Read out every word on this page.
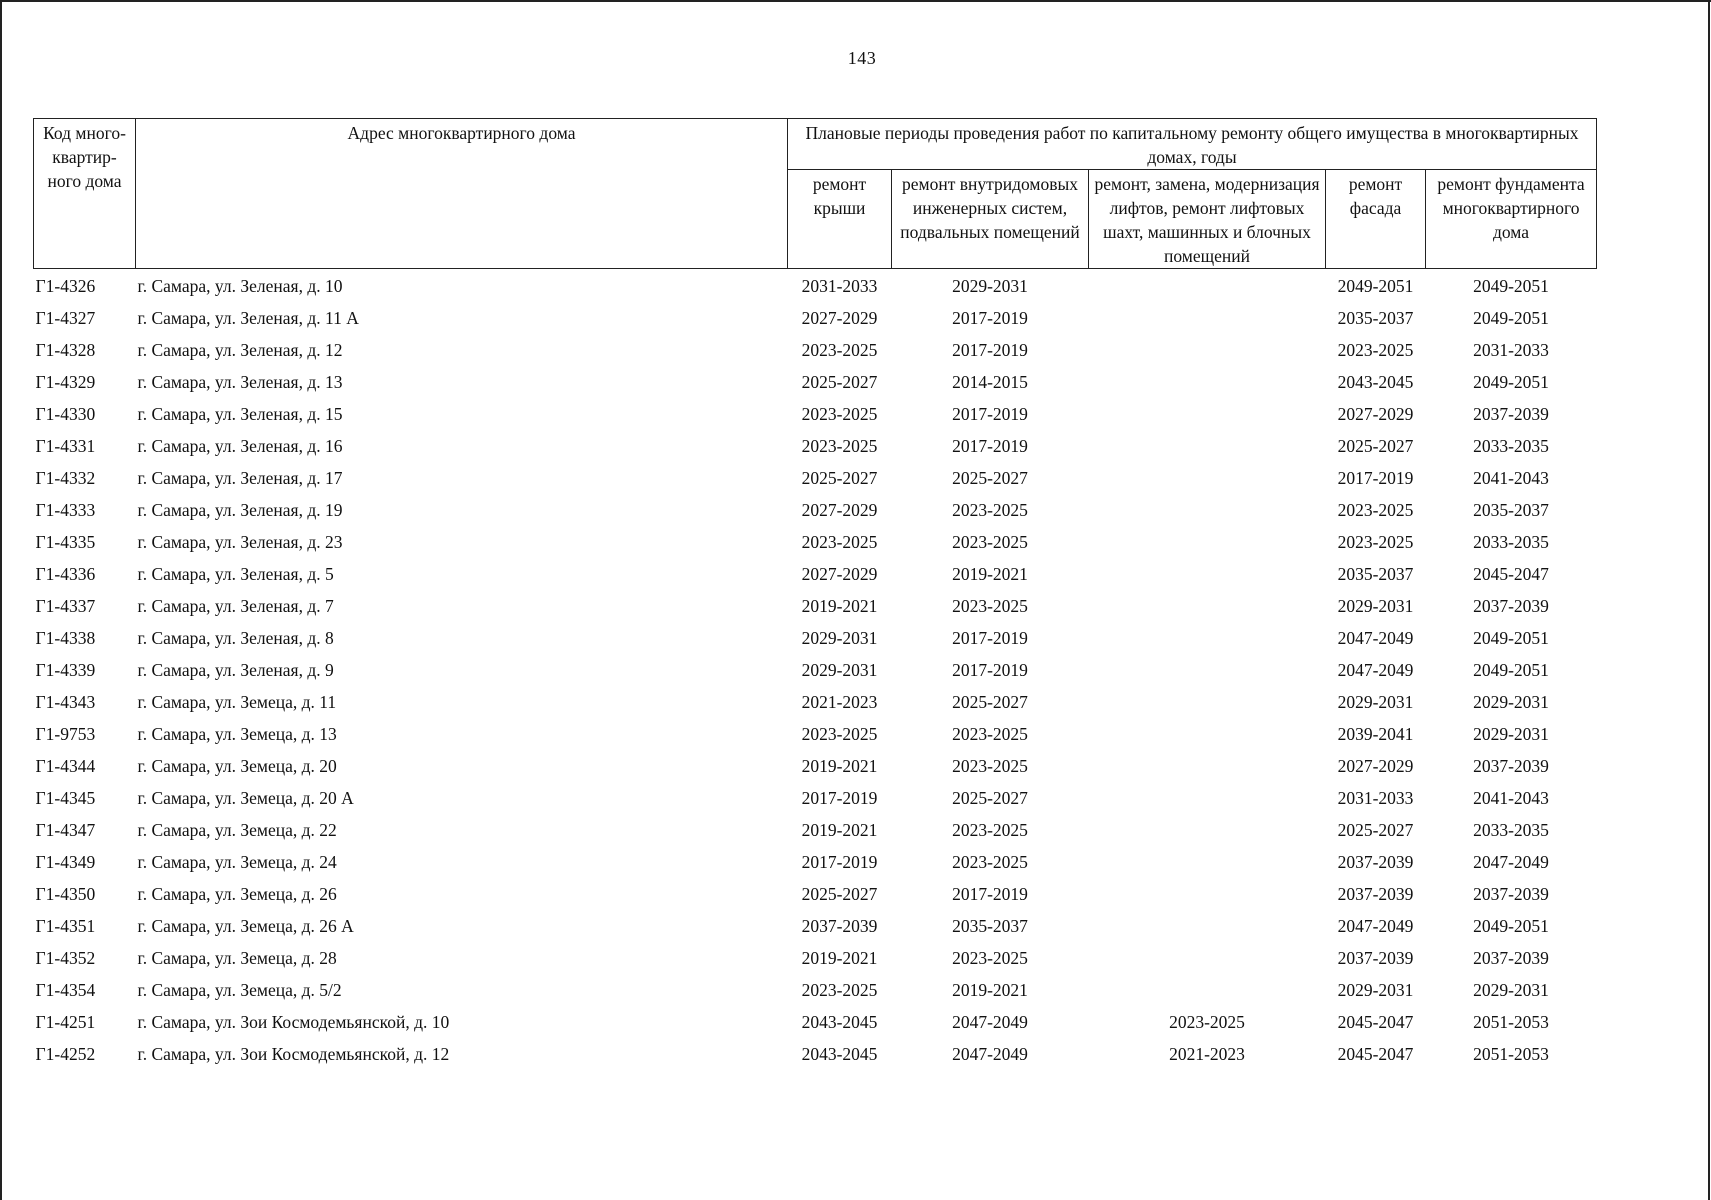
143
Код много-квартир-ного дома	Адрес многоквартирного дома	Плановые периоды проведения работ по капитальному ремонту общего имущества в многоквартирных домах, годы				
		ремонт крыши	ремонт внутридомовых инженерных систем, подвальных помещений	ремонт, замена, модернизация лифтов, ремонт лифтовых шахт, машинных и блочных помещений	ремонт фасада	ремонт фундамента многоквартирного дома
Г1-4326	г. Самара, ул. Зеленая, д. 10	2031-2033	2029-2031		2049-2051	2049-2051
Г1-4327	г. Самара, ул. Зеленая, д. 11 А	2027-2029	2017-2019		2035-2037	2049-2051
Г1-4328	г. Самара, ул. Зеленая, д. 12	2023-2025	2017-2019		2023-2025	2031-2033
Г1-4329	г. Самара, ул. Зеленая, д. 13	2025-2027	2014-2015		2043-2045	2049-2051
Г1-4330	г. Самара, ул. Зеленая, д. 15	2023-2025	2017-2019		2027-2029	2037-2039
Г1-4331	г. Самара, ул. Зеленая, д. 16	2023-2025	2017-2019		2025-2027	2033-2035
Г1-4332	г. Самара, ул. Зеленая, д. 17	2025-2027	2025-2027		2017-2019	2041-2043
Г1-4333	г. Самара, ул. Зеленая, д. 19	2027-2029	2023-2025		2023-2025	2035-2037
Г1-4335	г. Самара, ул. Зеленая, д. 23	2023-2025	2023-2025		2023-2025	2033-2035
Г1-4336	г. Самара, ул. Зеленая, д. 5	2027-2029	2019-2021		2035-2037	2045-2047
Г1-4337	г. Самара, ул. Зеленая, д. 7	2019-2021	2023-2025		2029-2031	2037-2039
Г1-4338	г. Самара, ул. Зеленая, д. 8	2029-2031	2017-2019		2047-2049	2049-2051
Г1-4339	г. Самара, ул. Зеленая, д. 9	2029-2031	2017-2019		2047-2049	2049-2051
Г1-4343	г. Самара, ул. Земеца, д. 11	2021-2023	2025-2027		2029-2031	2029-2031
Г1-9753	г. Самара, ул. Земеца, д. 13	2023-2025	2023-2025		2039-2041	2029-2031
Г1-4344	г. Самара, ул. Земеца, д. 20	2019-2021	2023-2025		2027-2029	2037-2039
Г1-4345	г. Самара, ул. Земеца, д. 20 А	2017-2019	2025-2027		2031-2033	2041-2043
Г1-4347	г. Самара, ул. Земеца, д. 22	2019-2021	2023-2025		2025-2027	2033-2035
Г1-4349	г. Самара, ул. Земеца, д. 24	2017-2019	2023-2025		2037-2039	2047-2049
Г1-4350	г. Самара, ул. Земеца, д. 26	2025-2027	2017-2019		2037-2039	2037-2039
Г1-4351	г. Самара, ул. Земеца, д. 26 А	2037-2039	2035-2037		2047-2049	2049-2051
Г1-4352	г. Самара, ул. Земеца, д. 28	2019-2021	2023-2025		2037-2039	2037-2039
Г1-4354	г. Самара, ул. Земеца, д. 5/2	2023-2025	2019-2021		2029-2031	2029-2031
Г1-4251	г. Самара, ул. Зои Космодемьянской, д. 10	2043-2045	2047-2049	2023-2025	2045-2047	2051-2053
Г1-4252	г. Самара, ул. Зои Космодемьянской, д. 12	2043-2045	2047-2049	2021-2023	2045-2047	2051-2053
